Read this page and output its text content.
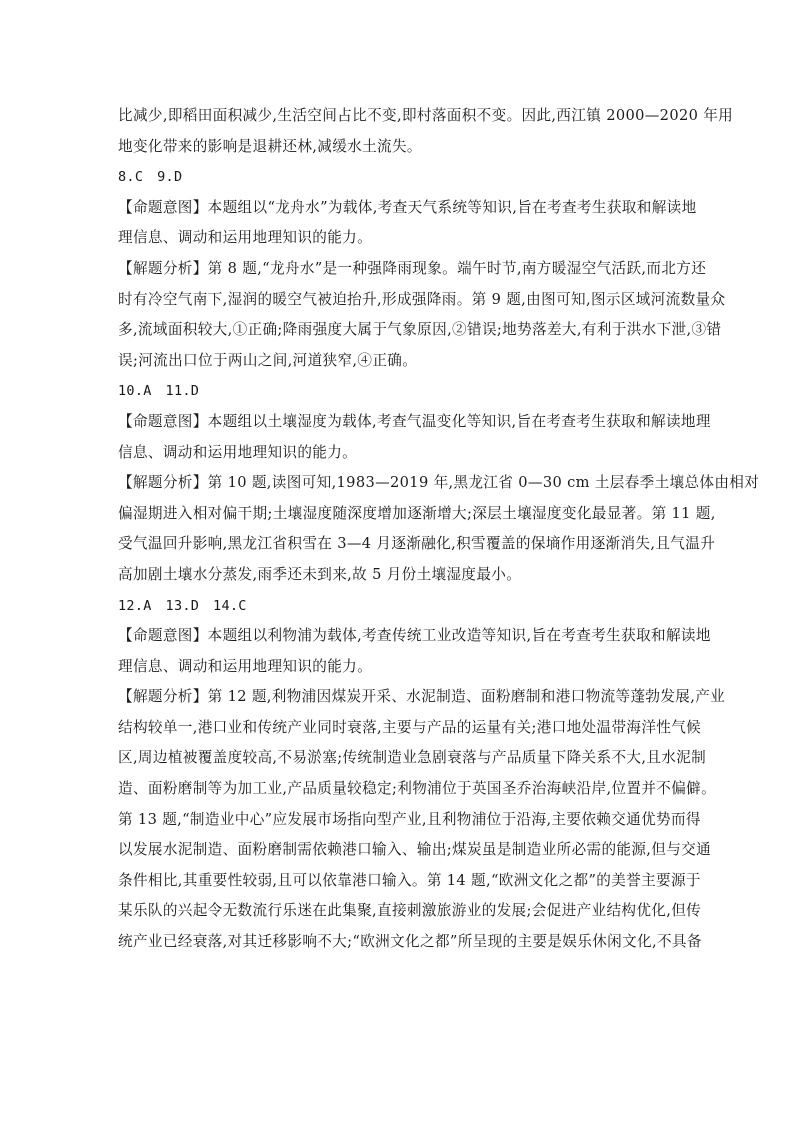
比减少,即稻田面积减少,生活空间占比不变,即村落面积不变。因此,西江镇 2000—2020 年用
地变化带来的影响是退耕还林,减缓水土流失。
8.C　9.D
【命题意图】本题组以“龙舟水”为载体,考查天气系统等知识,旨在考查考生获取和解读地
理信息、调动和运用地理知识的能力。
【解题分析】第 8 题,“龙舟水”是一种强降雨现象。端午时节,南方暖湿空气活跃,而北方还
时有冷空气南下,湿润的暖空气被迫抬升,形成强降雨。第 9 题,由图可知,图示区域河流数量众
多,流域面积较大,①正确;降雨强度大属于气象原因,②错误;地势落差大,有利于洪水下泄,③错
误;河流出口位于两山之间,河道狭窄,④正确。
10.A　11.D
【命题意图】本题组以土壤湿度为载体,考查气温变化等知识,旨在考查考生获取和解读地理
信息、调动和运用地理知识的能力。
【解题分析】第 10 题,读图可知,1983—2019 年,黑龙江省 0—30 cm 土层春季土壤总体由相对
偏湿期进入相对偏干期;土壤湿度随深度增加逐渐增大;深层土壤湿度变化最显著。第 11 题,
受气温回升影响,黑龙江省积雪在 3—4 月逐渐融化,积雪覆盖的保墒作用逐渐消失,且气温升
高加剧土壤水分蒸发,雨季还未到来,故 5 月份土壤湿度最小。
12.A　13.D　14.C
【命题意图】本题组以利物浦为载体,考查传统工业改造等知识,旨在考查考生获取和解读地
理信息、调动和运用地理知识的能力。
【解题分析】第 12 题,利物浦因煤炭开采、水泥制造、面粉磨制和港口物流等蓬勃发展,产业
结构较单一,港口业和传统产业同时衰落,主要与产品的运量有关;港口地处温带海洋性气候
区,周边植被覆盖度较高,不易淤塞;传统制造业急剧衰落与产品质量下降关系不大,且水泥制
造、面粉磨制等为加工业,产品质量较稳定;利物浦位于英国圣乔治海峡沿岸,位置并不偏僻。
第 13 题,“制造业中心”应发展市场指向型产业,且利物浦位于沿海,主要依赖交通优势而得
以发展水泥制造、面粉磨制需依赖港口输入、输出;煤炭虽是制造业所必需的能源,但与交通
条件相比,其重要性较弱,且可以依靠港口输入。第 14 题,“欧洲文化之都”的美誉主要源于
某乐队的兴起令无数流行乐迷在此集聚,直接刺激旅游业的发展;会促进产业结构优化,但传
统产业已经衰落,对其迁移影响不大;“欧洲文化之都”所呈现的主要是娱乐休闲文化,不具备
